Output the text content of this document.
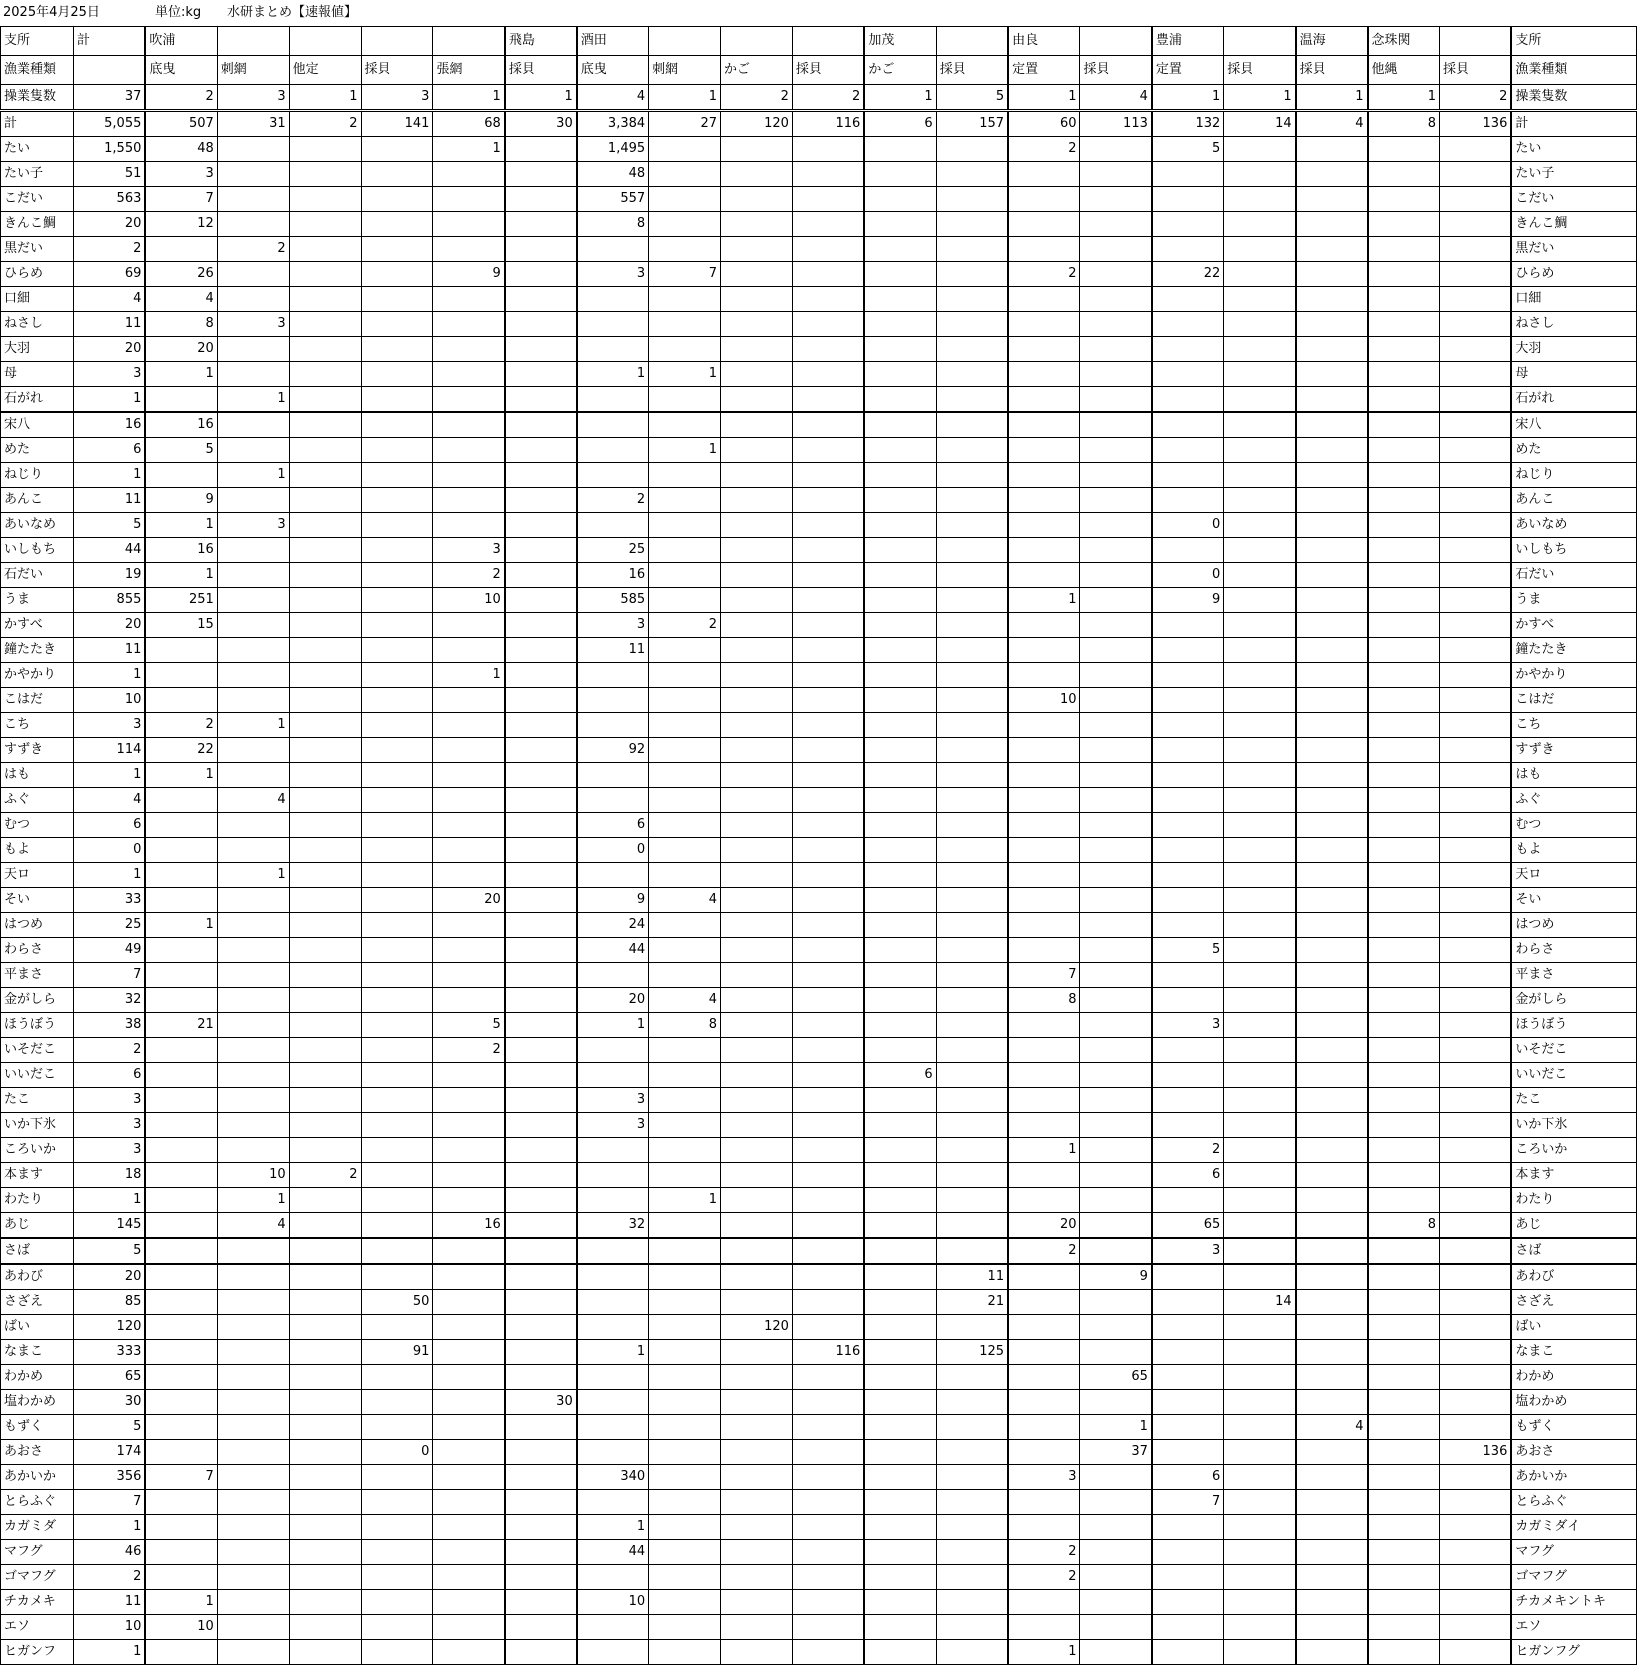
2025年4月25日	単位:kg 水研まとめ【速報値】
支所	計	吹浦					飛島	酒田				加茂		由良		豊浦		温海	念珠関		支所
漁業種類		底曳	刺網	他定	採貝	張網	採貝	底曳	刺網	かご	採貝	かご	採貝	定置	採貝	定置	採貝	採貝	他縄	採貝	漁業種類
操業隻数	37	2	3	1	3	1	1	4	1	2	2	1	5	1	4	1	1	1	1	2	操業隻数
計	5,055	507	31	2	141	68	30	3,384	27	120	116	6	157	60	113	132	14	4	8	136	計
たい	1,550	48				1		1,495						2		5					たい
たい子	51	3						48													たい子
こだい	563	7						557													こだい
きんこ鯛	20	12						8													きんこ鯛
黒だい	2		2																		黒だい
ひらめ	69	26				9		3	7					2		22					ひらめ
口細	4	4																			口細
ねさし	11	8	3																		ねさし
大羽	20	20																			大羽
母	3	1						1	1												母
石がれ	1		1																		石がれ
宋八	16	16																			宋八
めた	6	5							1												めた
ねじり	1		1																		ねじり
あんこ	11	9						2													あんこ
あいなめ	5	1	3													0					あいなめ
いしもち	44	16				3		25													いしもち
石だい	19	1				2		16								0					石だい
うま	855	251				10		585						1		9					うま
かすべ	20	15						3	2												かすべ
鐘たたき	11							11													鐘たたき
かやかり	1					1															かやかり
こはだ	10													10							こはだ
こち	3	2	1																		こち
すずき	114	22						92													すずき
はも	1	1																			はも
ふぐ	4		4																		ふぐ
むつ	6							6													むつ
もよ	0							0													もよ
天ロ	1		1																		天ロ
そい	33					20		9	4												そい
はつめ	25	1						24													はつめ
わらさ	49							44								5					わらさ
平まさ	7													7							平まさ
金がしら	32							20	4					8							金がしら
ほうぼう	38	21				5		1	8							3					ほうぼう
いそだこ	2					2															いそだこ
いいだこ	6											6									いいだこ
たこ	3							3													たこ
いか下氷	3							3													いか下氷
ころいか	3													1		2					ころいか
本ます	18		10	2												6					本ます
わたり	1		1						1												わたり
あじ	145		4			16		32						20		65			8		あじ
さば	5													2		3					さば
あわび	20												11		9						あわび
さざえ	85				50								21				14				さざえ
ばい	120									120											ばい
なまこ	333				91			1			116		125								なまこ
わかめ	65														65						わかめ
塩わかめ	30						30														塩わかめ
もずく	5														1			4			もずく
あおさ	174				0										37					136	あおさ
あかいか	356	7						340						3		6					あかいか
とらふぐ	7															7					とらふぐ
カガミダ	1							1													カガミダイ
マフグ	46							44						2							マフグ
ゴマフグ	2													2							ゴマフグ
チカメキ	11	1						10													チカメキントキ
エソ	10	10																			エソ
ヒガンフ	1													1							ヒガンフグ
